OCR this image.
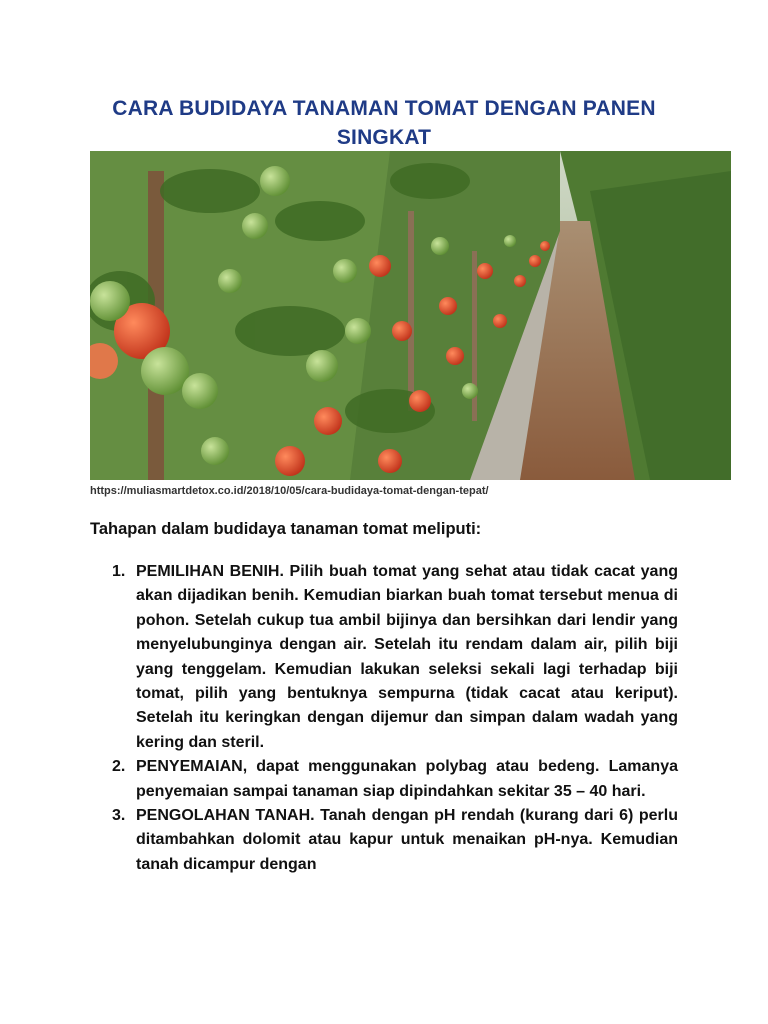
CARA BUDIDAYA TANAMAN TOMAT DENGAN PANEN SINGKAT
https://muliasmartdetox.co.id/2018/10/05/cara-budidaya-tomat-dengan-tepat/
Tahapan dalam budidaya tanaman tomat meliputi:
1. PEMILIHAN BENIH. Pilih buah tomat yang sehat atau tidak cacat yang akan dijadikan benih. Kemudian biarkan buah tomat tersebut menua di pohon. Setelah cukup tua ambil bijinya dan bersihkan dari lendir yang menyelubunginya dengan air. Setelah itu rendam dalam air, pilih biji yang tenggelam. Kemudian lakukan seleksi sekali lagi terhadap biji tomat, pilih yang bentuknya sempurna (tidak cacat atau keriput). Setelah itu keringkan dengan dijemur dan simpan dalam wadah yang kering dan steril.
2. PENYEMAIAN, dapat menggunakan polybag atau bedeng. Lamanya penyemaian sampai tanaman siap dipindahkan sekitar 35 – 40 hari.
3. PENGOLAHAN TANAH. Tanah dengan pH rendah (kurang dari 6) perlu ditambahkan dolomit atau kapur untuk menaikan pH-nya. Kemudian tanah dicampur dengan
